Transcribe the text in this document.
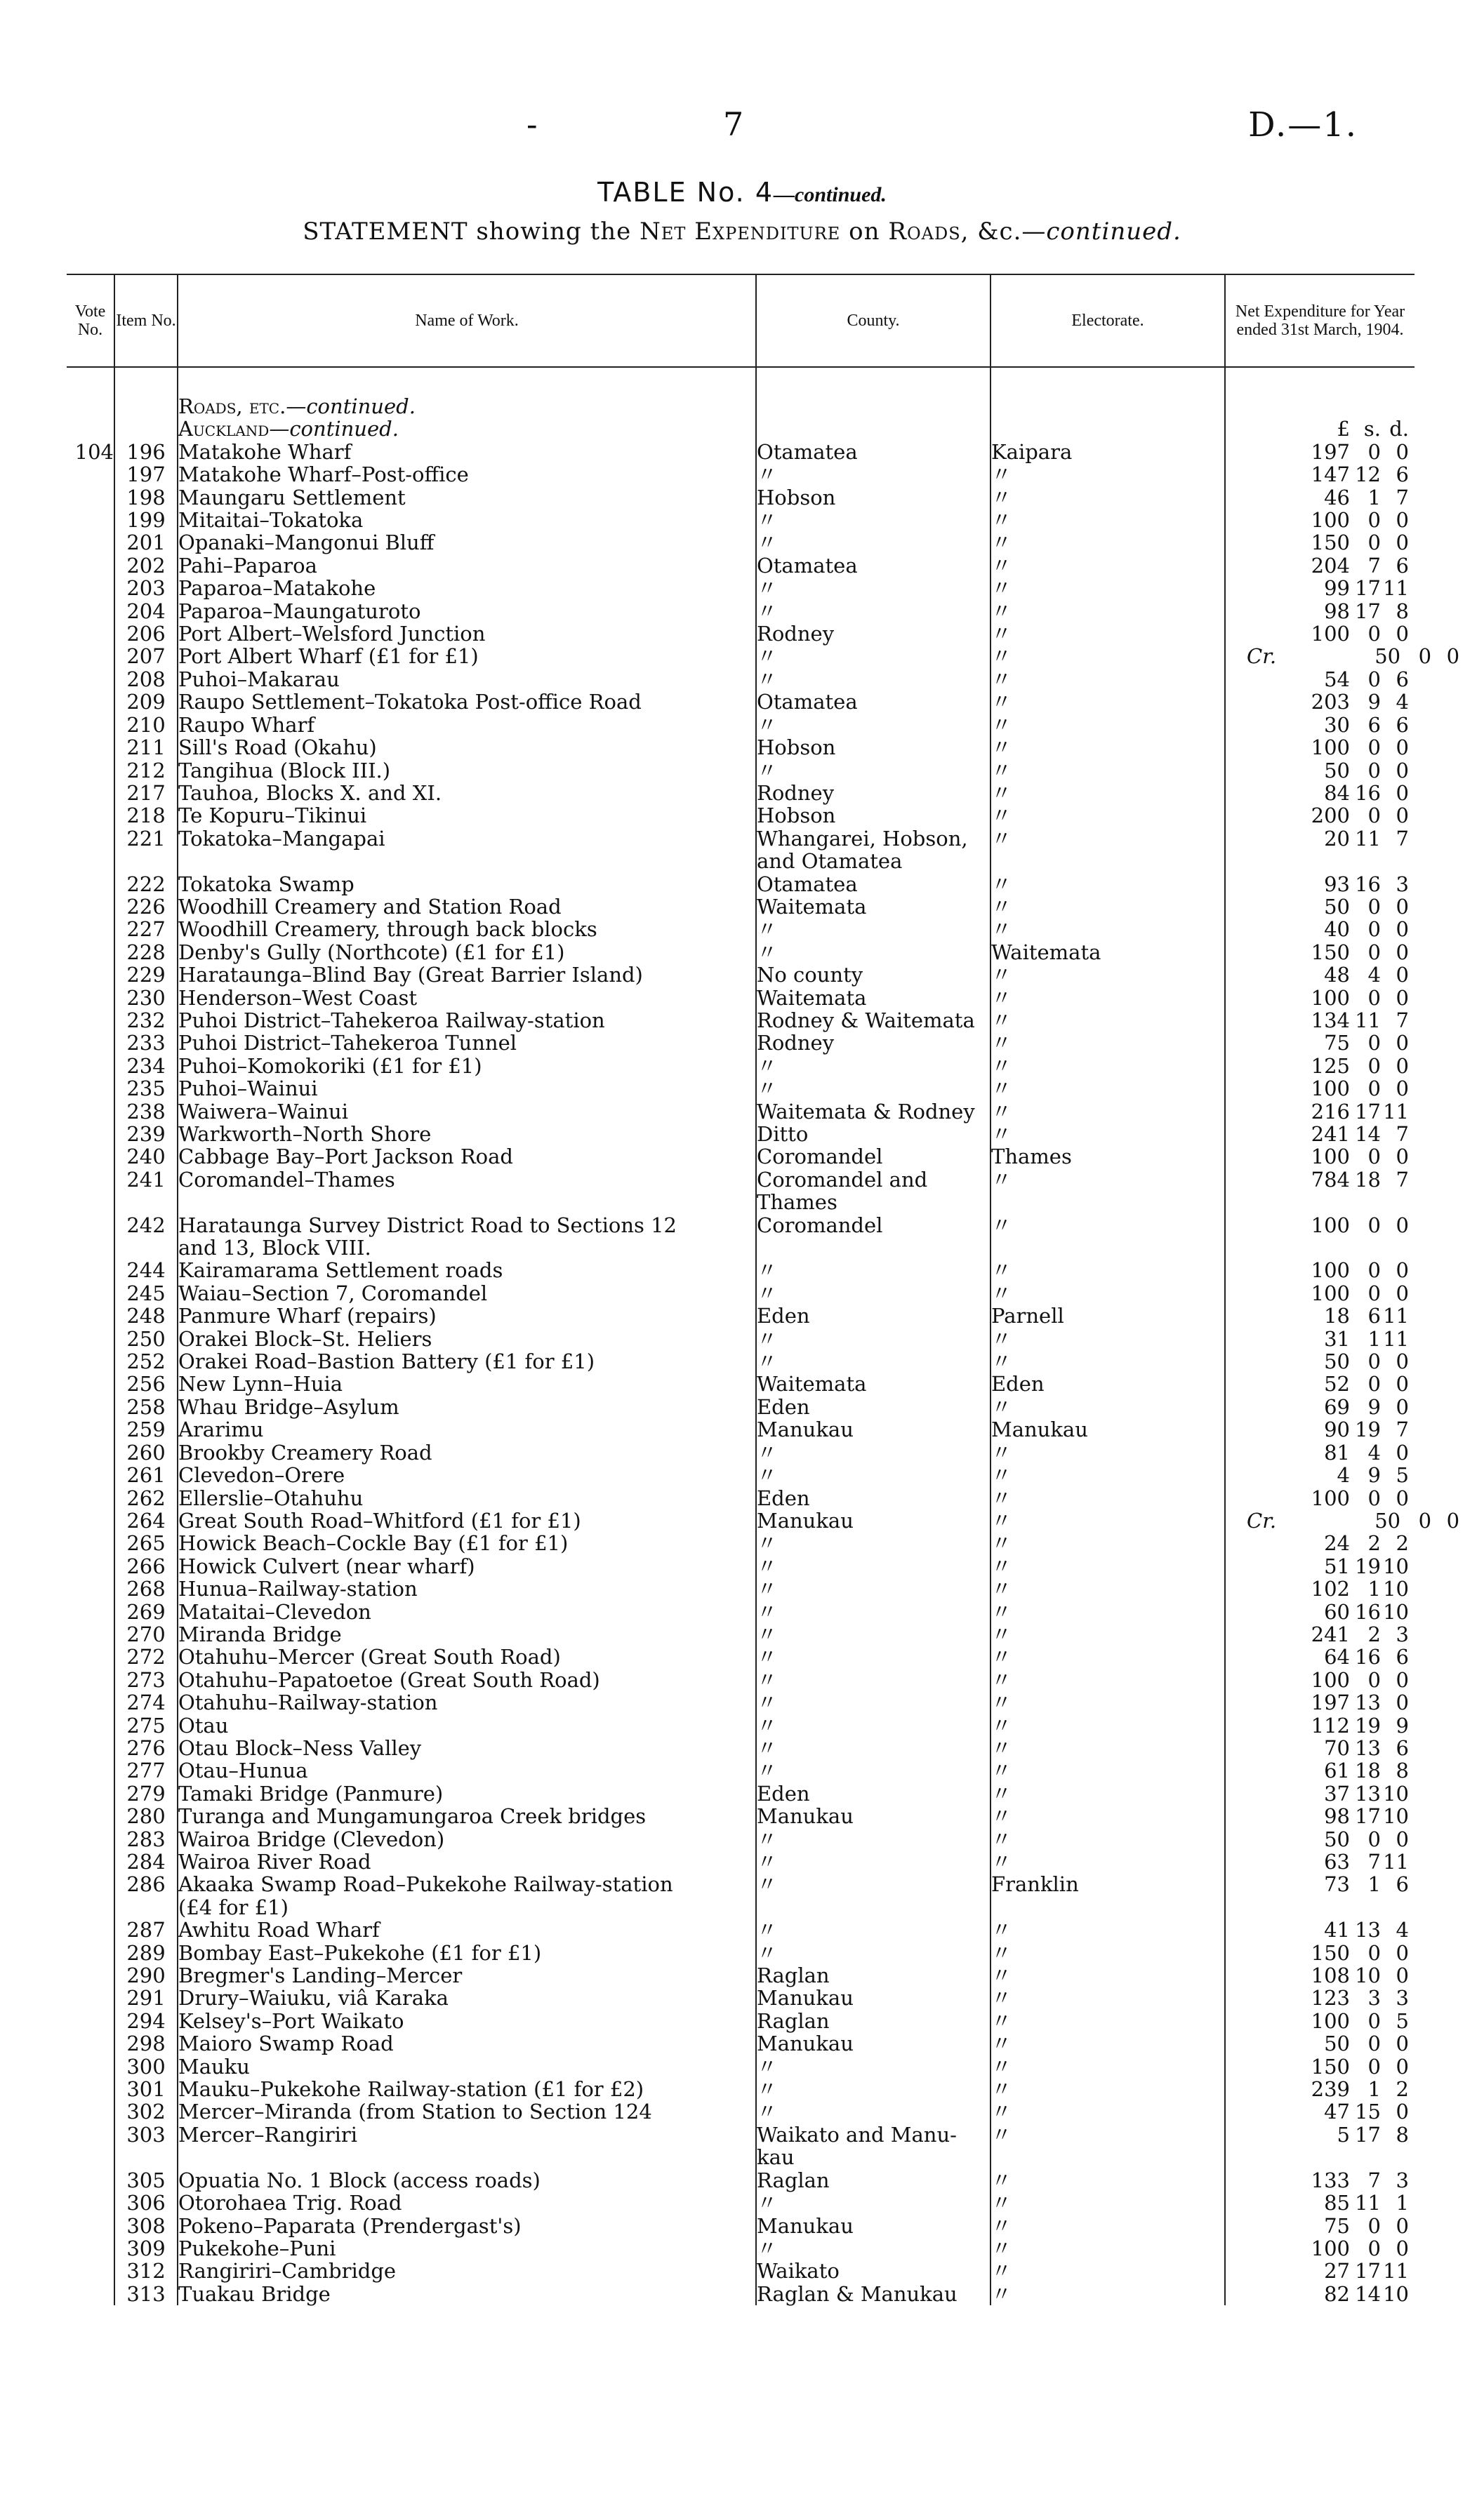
-	7	D.—1.
TABLE No. 4—continued.
STATEMENT showing the Net Expenditure on Roads, &c.—continued.
Vote No.	Item No.	Name of Work.	County.	Electorate.	Net Expenditure for Year ended 31st March, 1904.

		Roads, etc.—continued.			
		Auckland—continued.			£ s. d.
104	196	Matakohe Wharf	Otamatea	Kaipara	197 0 0
	197	Matakohe Wharf–Post-office	〃	〃	147 12 6
	198	Maungaru Settlement	Hobson	〃	46 1 7
	199	Mitaitai–Tokatoka	〃	〃	100 0 0
	201	Opanaki–Mangonui Bluff	〃	〃	150 0 0
	202	Pahi–Paparoa	Otamatea	〃	204 7 6
	203	Paparoa–Matakohe	〃	〃	99 17 11
	204	Paparoa–Maungaturoto	〃	〃	98 17 8
	206	Port Albert–Welsford Junction	Rodney	〃	100 0 0
	207	Port Albert Wharf (£1 for £1)	〃	〃	Cr. 50 0 0
	208	Puhoi–Makarau	〃	〃	54 0 6
	209	Raupo Settlement–Tokatoka Post-office Road	Otamatea	〃	203 9 4
	210	Raupo Wharf	〃	〃	30 6 6
	211	Sill's Road (Okahu)	Hobson	〃	100 0 0
	212	Tangihua (Block III.)	〃	〃	50 0 0
	217	Tauhoa, Blocks X. and XI.	Rodney	〃	84 16 0
	218	Te Kopuru–Tikinui	Hobson	〃	200 0 0
	221	Tokatoka–Mangapai	Whangarei, Hobson,	〃	20 11 7
			and Otamatea		
	222	Tokatoka Swamp	Otamatea	〃	93 16 3
	226	Woodhill Creamery and Station Road	Waitemata	〃	50 0 0
	227	Woodhill Creamery, through back blocks	〃	〃	40 0 0
	228	Denby's Gully (Northcote) (£1 for £1)	〃	Waitemata	150 0 0
	229	Harataunga–Blind Bay (Great Barrier Island)	No county	〃	48 4 0
	230	Henderson–West Coast	Waitemata	〃	100 0 0
	232	Puhoi District–Tahekeroa Railway-station	Rodney & Waitemata	〃	134 11 7
	233	Puhoi District–Tahekeroa Tunnel	Rodney	〃	75 0 0
	234	Puhoi–Komokoriki (£1 for £1)	〃	〃	125 0 0
	235	Puhoi–Wainui	〃	〃	100 0 0
	238	Waiwera–Wainui	Waitemata & Rodney	〃	216 17 11
	239	Warkworth–North Shore	Ditto	〃	241 14 7
	240	Cabbage Bay–Port Jackson Road	Coromandel	Thames	100 0 0
	241	Coromandel–Thames	Coromandel and	〃	784 18 7
			Thames		
	242	Harataunga Survey District Road to Sections 12	Coromandel	〃	100 0 0
		and 13, Block VIII.			
	244	Kairamarama Settlement roads	〃	〃	100 0 0
	245	Waiau–Section 7, Coromandel	〃	〃	100 0 0
	248	Panmure Wharf (repairs)	Eden	Parnell	18 6 11
	250	Orakei Block–St. Heliers	〃	〃	31 1 11
	252	Orakei Road–Bastion Battery (£1 for £1)	〃	〃	50 0 0
	256	New Lynn–Huia	Waitemata	Eden	52 0 0
	258	Whau Bridge–Asylum	Eden	〃	69 9 0
	259	Ararimu	Manukau	Manukau	90 19 7
	260	Brookby Creamery Road	〃	〃	81 4 0
	261	Clevedon–Orere	〃	〃	4 9 5
	262	Ellerslie–Otahuhu	Eden	〃	100 0 0
	264	Great South Road–Whitford (£1 for £1)	Manukau	〃	Cr. 50 0 0
	265	Howick Beach–Cockle Bay (£1 for £1)	〃	〃	24 2 2
	266	Howick Culvert (near wharf)	〃	〃	51 19 10
	268	Hunua–Railway-station	〃	〃	102 1 10
	269	Mataitai–Clevedon	〃	〃	60 16 10
	270	Miranda Bridge	〃	〃	241 2 3
	272	Otahuhu–Mercer (Great South Road)	〃	〃	64 16 6
	273	Otahuhu–Papatoetoe (Great South Road)	〃	〃	100 0 0
	274	Otahuhu–Railway-station	〃	〃	197 13 0
	275	Otau	〃	〃	112 19 9
	276	Otau Block–Ness Valley	〃	〃	70 13 6
	277	Otau–Hunua	〃	〃	61 18 8
	279	Tamaki Bridge (Panmure)	Eden	〃	37 13 10
	280	Turanga and Mungamungaroa Creek bridges	Manukau	〃	98 17 10
	283	Wairoa Bridge (Clevedon)	〃	〃	50 0 0
	284	Wairoa River Road	〃	〃	63 7 11
	286	Akaaka Swamp Road–Pukekohe Railway-station	〃	Franklin	73 1 6
		(£4 for £1)			
	287	Awhitu Road Wharf	〃	〃	41 13 4
	289	Bombay East–Pukekohe (£1 for £1)	〃	〃	150 0 0
	290	Bregmer's Landing–Mercer	Raglan	〃	108 10 0
	291	Drury–Waiuku, viâ Karaka	Manukau	〃	123 3 3
	294	Kelsey's–Port Waikato	Raglan	〃	100 0 5
	298	Maioro Swamp Road	Manukau	〃	50 0 0
	300	Mauku	〃	〃	150 0 0
	301	Mauku–Pukekohe Railway-station (£1 for £2)	〃	〃	239 1 2
	302	Mercer–Miranda (from Station to Section 124	〃	〃	47 15 0
	303	Mercer–Rangiriri	Waikato and Manu-	〃	5 17 8
			kau		
	305	Opuatia No. 1 Block (access roads)	Raglan	〃	133 7 3
	306	Otorohaea Trig. Road	〃	〃	85 11 1
	308	Pokeno–Paparata (Prendergast's)	Manukau	〃	75 0 0
	309	Pukekohe–Puni	〃	〃	100 0 0
	312	Rangiriri–Cambridge	Waikato	〃	27 17 11
	313	Tuakau Bridge	Raglan & Manukau	〃	82 14 10
